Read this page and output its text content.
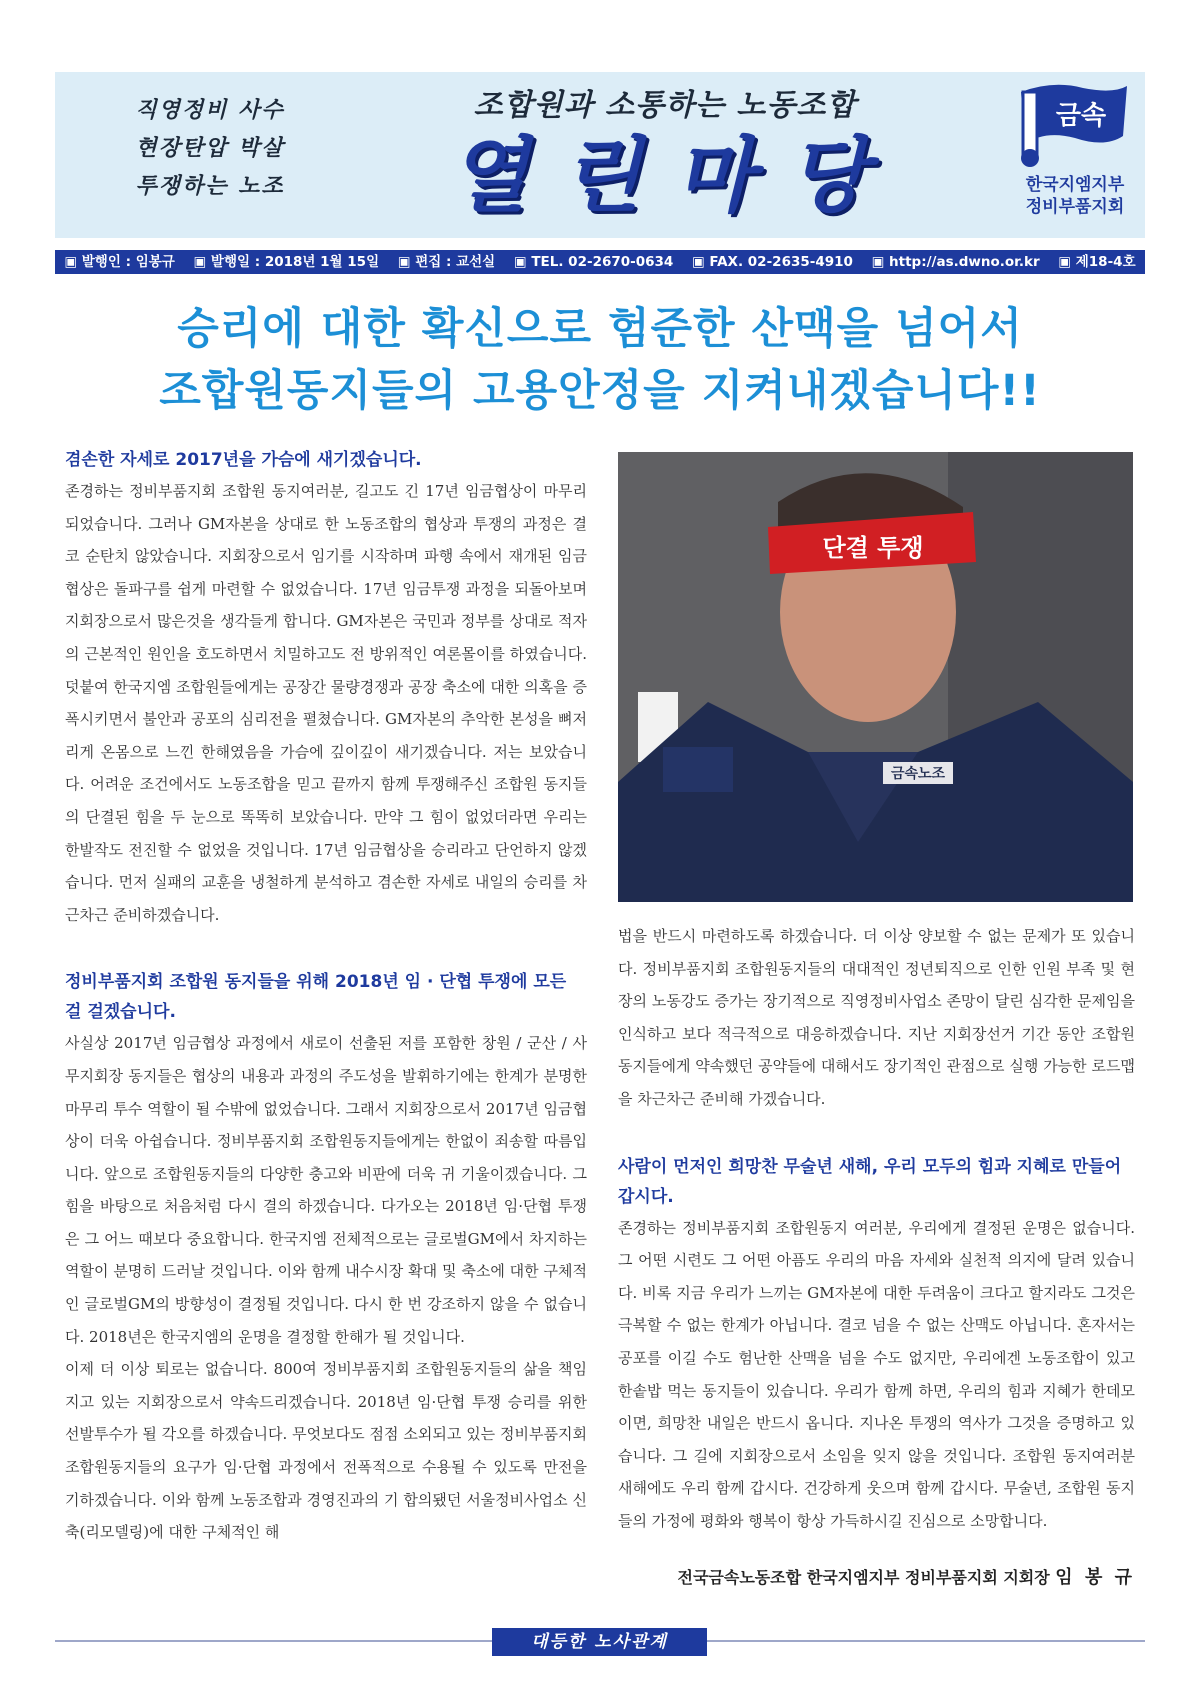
직영정비 사수
현장탄압 박살
투쟁하는 노조
조합원과 소통하는 노동조합
열린마당
금속
한국지엠지부
정비부품지회
▣ 발행인 : 임봉규 ▣ 발행일 : 2018년 1월 15일 ▣ 편집 : 교선실 ▣ TEL. 02-2670-0634 ▣ FAX. 02-2635-4910 ▣ http://as.dwno.or.kr ▣ 제18-4호
승리에 대한 확신으로 험준한 산맥을 넘어서
조합원동지들의 고용안정을 지켜내겠습니다!!
겸손한 자세로 2017년을 가슴에 새기겠습니다.

존경하는 정비부품지회 조합원 동지여러분, 길고도 긴 17년 임금협상이 마무리 되었습니다. 그러나 GM자본을 상대로 한 노동조합의 협상과 투쟁의 과정은 결코 순탄치 않았습니다. 지회장으로서 임기를 시작하며 파행 속에서 재개된 임금협상은 돌파구를 쉽게 마련할 수 없었습니다. 17년 임금투쟁 과정을 되돌아보며 지회장으로서 많은것을 생각들게 합니다. GM자본은 국민과 정부를 상대로 적자의 근본적인 원인을 호도하면서 치밀하고도 전 방위적인 여론몰이를 하였습니다. 덧붙여 한국지엠 조합원들에게는 공장간 물량경쟁과 공장 축소에 대한 의혹을 증폭시키면서 불안과 공포의 심리전을 펼쳤습니다. GM자본의 추악한 본성을 뼈저리게 온몸으로 느낀 한해였음을 가슴에 깊이깊이 새기겠습니다. 저는 보았습니다. 어려운 조건에서도 노동조합을 믿고 끝까지 함께 투쟁해주신 조합원 동지들의 단결된 힘을 두 눈으로 똑똑히 보았습니다. 만약 그 힘이 없었더라면 우리는 한발작도 전진할 수 없었을 것입니다. 17년 임금협상을 승리라고 단언하지 않겠습니다. 먼저 실패의 교훈을 냉철하게 분석하고 겸손한 자세로 내일의 승리를 차근차근 준비하겠습니다.

정비부품지회 조합원 동지들을 위해 2018년 임 · 단협 투쟁에 모든 걸 걸겠습니다.

사실상 2017년 임금협상 과정에서 새로이 선출된 저를 포함한 창원 / 군산 / 사무지회장 동지들은 협상의 내용과 과정의 주도성을 발휘하기에는 한계가 분명한 마무리 투수 역할이 될 수밖에 없었습니다. 그래서 지회장으로서 2017년 임금협상이 더욱 아쉽습니다. 정비부품지회 조합원동지들에게는 한없이 죄송할 따름입니다. 앞으로 조합원동지들의 다양한 충고와 비판에 더욱 귀 기울이겠습니다. 그 힘을 바탕으로 처음처럼 다시 결의 하겠습니다. 다가오는 2018년 임·단협 투쟁은 그 어느 때보다 중요합니다. 한국지엠 전체적으로는 글로벌GM에서 차지하는 역할이 분명히 드러날 것입니다. 이와 함께 내수시장 확대 및 축소에 대한 구체적인 글로벌GM의 방향성이 결정될 것입니다. 다시 한 번 강조하지 않을 수 없습니다. 2018년은 한국지엠의 운명을 결정할 한해가 될 것입니다.

이제 더 이상 퇴로는 없습니다. 800여 정비부품지회 조합원동지들의 삶을 책임지고 있는 지회장으로서 약속드리겠습니다. 2018년 임·단협 투쟁 승리를 위한 선발투수가 될 각오를 하겠습니다. 무엇보다도 점점 소외되고 있는 정비부품지회 조합원동지들의 요구가 임·단협 과정에서 전폭적으로 수용될 수 있도록 만전을 기하겠습니다. 이와 함께 노동조합과 경영진과의 기 합의됐던 서울정비사업소 신축(리모델링)에 대한 구체적인 해

단결 투쟁
금속노조

법을 반드시 마련하도록 하겠습니다. 더 이상 양보할 수 없는 문제가 또 있습니다. 정비부품지회 조합원동지들의 대대적인 정년퇴직으로 인한 인원 부족 및 현장의 노동강도 증가는 장기적으로 직영정비사업소 존망이 달린 심각한 문제임을 인식하고 보다 적극적으로 대응하겠습니다. 지난 지회장선거 기간 동안 조합원 동지들에게 약속했던 공약들에 대해서도 장기적인 관점으로 실행 가능한 로드맵을 차근차근 준비해 가겠습니다.

사람이 먼저인 희망찬 무술년 새해, 우리 모두의 힘과 지혜로 만들어 갑시다.

존경하는 정비부품지회 조합원동지 여러분, 우리에게 결정된 운명은 없습니다. 그 어떤 시련도 그 어떤 아픔도 우리의 마음 자세와 실천적 의지에 달려 있습니다. 비록 지금 우리가 느끼는 GM자본에 대한 두려움이 크다고 할지라도 그것은 극복할 수 없는 한계가 아닙니다. 결코 넘을 수 없는 산맥도 아닙니다. 혼자서는 공포를 이길 수도 험난한 산맥을 넘을 수도 없지만, 우리에겐 노동조합이 있고 한솥밥 먹는 동지들이 있습니다. 우리가 함께 하면, 우리의 힘과 지혜가 한데모이면, 희망찬 내일은 반드시 옵니다. 지나온 투쟁의 역사가 그것을 증명하고 있습니다. 그 길에 지회장으로서 소임을 잊지 않을 것입니다. 조합원 동지여러분 새해에도 우리 함께 갑시다. 건강하게 웃으며 함께 갑시다. 무술년, 조합원 동지들의 가정에 평화와 행복이 항상 가득하시길 진심으로 소망합니다.

전국금속노동조합 한국지엠지부 정비부품지회 지회장 임 봉 규
대등한 노사관계
